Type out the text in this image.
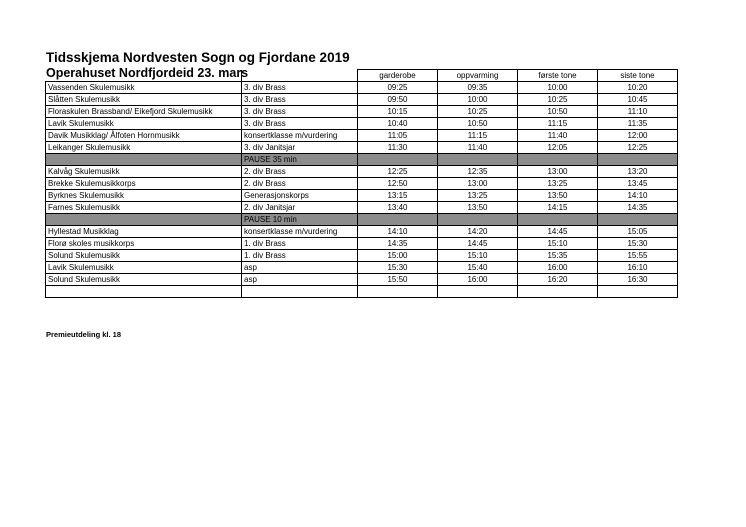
Tidsskjema Nordvesten Sogn og Fjordane 2019
Operahuset Nordfjordeid 23. mars
			garderobe	oppvarming	første tone	siste tone
Vassenden Skulemusikk	3. div Brass	09:25	09:35	10:00	10:20
Slåtten Skulemusikk	3. div Brass	09:50	10:00	10:25	10:45
Floraskulen Brassband/ Eikefjord Skulemusikk	3. div Brass	10:15	10:25	10:50	11:10
Lavik Skulemusikk	3. div Brass	10:40	10:50	11:15	11:35
Davik Musikklag/ Ålfoten Hornmusikk	konsertklasse m/vurdering	11:05	11:15	11:40	12:00
Leikanger Skulemusikk	3. div Janitsjar	11:30	11:40	12:05	12:25
	PAUSE 35 min				
Kalvåg Skulemusikk	2. div Brass	12:25	12:35	13:00	13:20
Brekke Skulemusikkorps	2. div Brass	12:50	13:00	13:25	13:45
Byrknes Skulemusikk	Generasjonskorps	13:15	13:25	13:50	14:10
Farnes Skulemusikk	2. div Janitsjar	13:40	13:50	14:15	14:35
	PAUSE 10 min				
Hyllestad Musikklag	konsertklasse m/vurdering	14:10	14:20	14:45	15:05
Florø skoles musikkorps	1. div Brass	14:35	14:45	15:10	15:30
Solund Skulemusikk	1. div Brass	15:00	15:10	15:35	15:55
Lavik Skulemusikk	asp	15:30	15:40	16:00	16:10
Solund Skulemusikk	asp	15:50	16:00	16:20	16:30

Premieutdeling kl. 18
